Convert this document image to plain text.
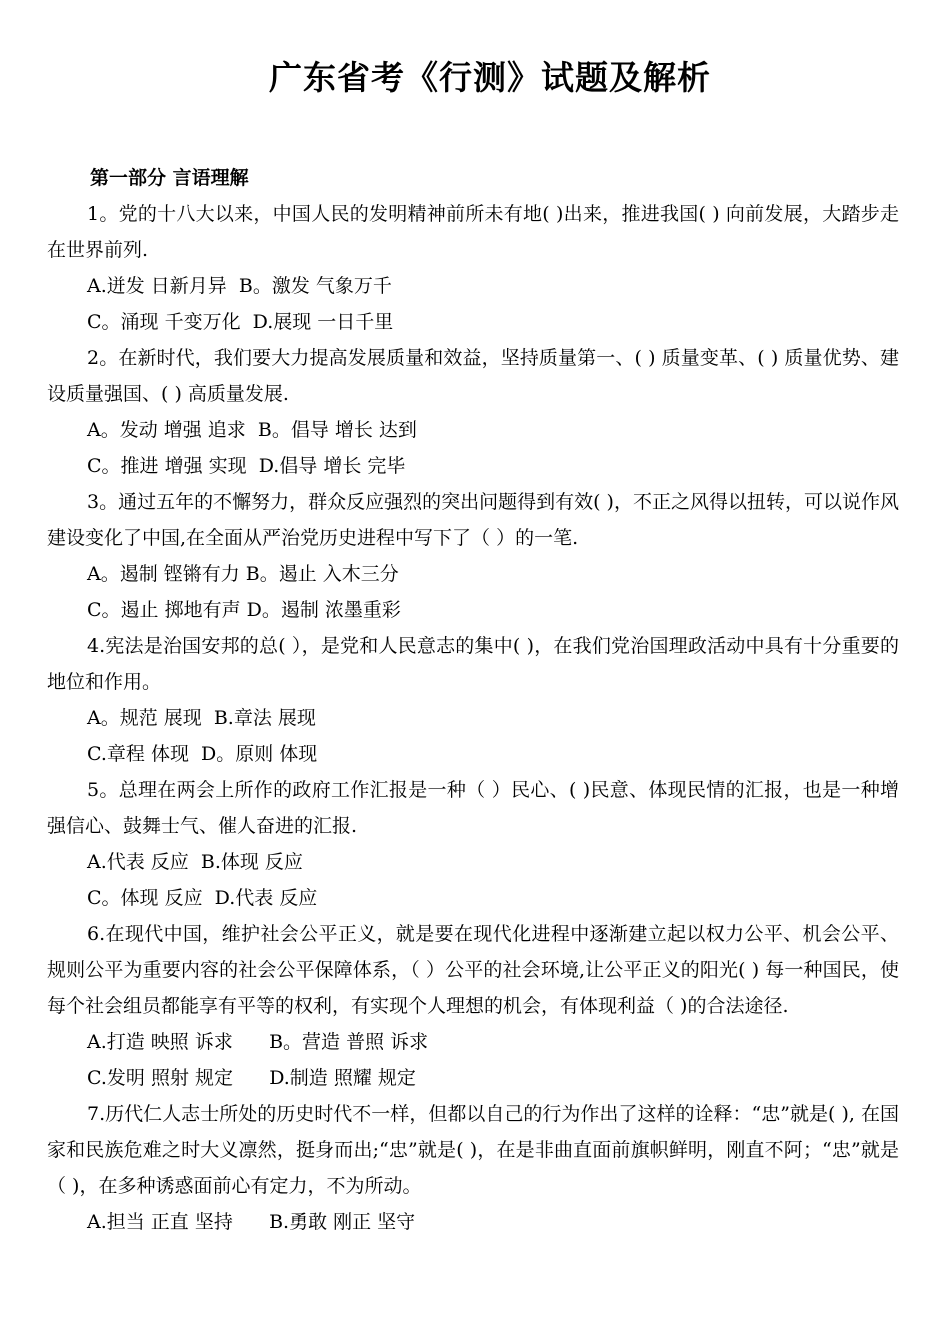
广东省考《行测》试题及解析
第一部分 言语理解

1。党的十八大以来，中国人民的发明精神前所未有地( )出来，推进我国( ) 向前发展，大踏步走在世界前列.

A.迸发 日新月异  B。激发 气象万千

C。涌现 千变万化  D.展现 一日千里

2。在新时代，我们要大力提高发展质量和效益，坚持质量第一、( ) 质量变革、( ) 质量优势、建设质量强国、( ) 高质量发展.

A。发动 增强 追求  B。倡导 增长 达到

C。推进 增强 实现  D.倡导 增长 完毕

3。通过五年的不懈努力，群众反应强烈的突出问题得到有效( )，不正之风得以扭转，可以说作风建设变化了中国,在全面从严治党历史进程中写下了（ ）的一笔.

A。遏制 铿锵有力 B。遏止 入木三分

C。遏止 掷地有声 D。遏制 浓墨重彩

4.宪法是治国安邦的总( ），是党和人民意志的集中( )，在我们党治国理政活动中具有十分重要的地位和作用。

A。规范 展现  B.章法 展现

C.章程 体现  D。原则 体现

5。总理在两会上所作的政府工作汇报是一种（ ）民心、( )民意、体现民情的汇报，也是一种增强信心、鼓舞士气、催人奋进的汇报.

A.代表 反应  B.体现 反应

C。体现 反应  D.代表 反应

6.在现代中国，维护社会公平正义，就是要在现代化进程中逐渐建立起以权力公平、机会公平、规则公平为重要内容的社会公平保障体系，（ ）公平的社会环境,让公平正义的阳光( ) 每一种国民，使每个社会组员都能享有平等的权利，有实现个人理想的机会，有体现利益（ )的合法途径.

A.打造 映照 诉求      B。营造 普照 诉求

C.发明 照射 规定      D.制造 照耀 规定

7.历代仁人志士所处的历史时代不一样，但都以自己的行为作出了这样的诠释：“忠”就是( ), 在国家和民族危难之时大义凛然，挺身而出;“忠”就是( )，在是非曲直面前旗帜鲜明，刚直不阿；“忠”就是（ )，在多种诱惑面前心有定力，不为所动。

A.担当 正直 坚持      B.勇敢 刚正 坚守
